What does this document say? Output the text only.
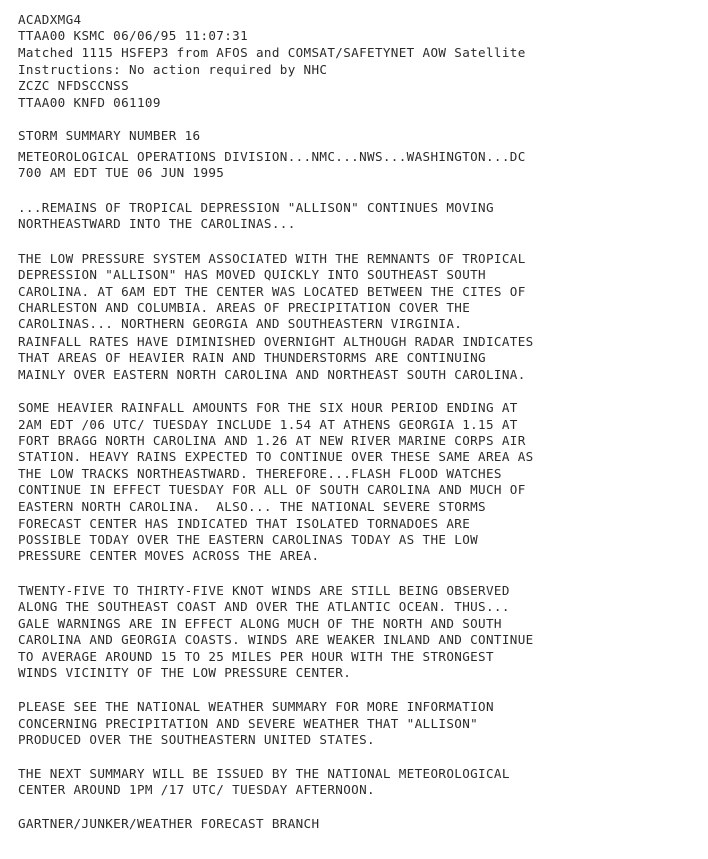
ACADXMG4
TTAA00 KSMC 06/06/95 11:07:31
Matched 1115 HSFEP3 from AFOS and COMSAT/SAFETYNET AOW Satellite
Instructions: No action required by NHC
ZCZC NFDSCCNSS
TTAA00 KNFD 061109
STORM SUMMARY NUMBER 16
METEOROLOGICAL OPERATIONS DIVISION...NMC...NWS...WASHINGTON...DC
700 AM EDT TUE 06 JUN 1995
...REMAINS OF TROPICAL DEPRESSION "ALLISON" CONTINUES MOVING
NORTHEASTWARD INTO THE CAROLINAS...
THE LOW PRESSURE SYSTEM ASSOCIATED WITH THE REMNANTS OF TROPICAL
DEPRESSION "ALLISON" HAS MOVED QUICKLY INTO SOUTHEAST SOUTH
CAROLINA. AT 6AM EDT THE CENTER WAS LOCATED BETWEEN THE CITES OF
CHARLESTON AND COLUMBIA. AREAS OF PRECIPITATION COVER THE
CAROLINAS... NORTHERN GEORGIA AND SOUTHEASTERN VIRGINIA.
RAINFALL RATES HAVE DIMINISHED OVERNIGHT ALTHOUGH RADAR INDICATES
THAT AREAS OF HEAVIER RAIN AND THUNDERSTORMS ARE CONTINUING
MAINLY OVER EASTERN NORTH CAROLINA AND NORTHEAST SOUTH CAROLINA.
SOME HEAVIER RAINFALL AMOUNTS FOR THE SIX HOUR PERIOD ENDING AT
2AM EDT /06 UTC/ TUESDAY INCLUDE 1.54 AT ATHENS GEORGIA 1.15 AT
FORT BRAGG NORTH CAROLINA AND 1.26 AT NEW RIVER MARINE CORPS AIR
STATION. HEAVY RAINS EXPECTED TO CONTINUE OVER THESE SAME AREA AS
THE LOW TRACKS NORTHEASTWARD. THEREFORE...FLASH FLOOD WATCHES
CONTINUE IN EFFECT TUESDAY FOR ALL OF SOUTH CAROLINA AND MUCH OF
EASTERN NORTH CAROLINA.  ALSO... THE NATIONAL SEVERE STORMS
FORECAST CENTER HAS INDICATED THAT ISOLATED TORNADOES ARE
POSSIBLE TODAY OVER THE EASTERN CAROLINAS TODAY AS THE LOW
PRESSURE CENTER MOVES ACROSS THE AREA.
TWENTY-FIVE TO THIRTY-FIVE KNOT WINDS ARE STILL BEING OBSERVED
ALONG THE SOUTHEAST COAST AND OVER THE ATLANTIC OCEAN. THUS...
GALE WARNINGS ARE IN EFFECT ALONG MUCH OF THE NORTH AND SOUTH
CAROLINA AND GEORGIA COASTS. WINDS ARE WEAKER INLAND AND CONTINUE
TO AVERAGE AROUND 15 TO 25 MILES PER HOUR WITH THE STRONGEST
WINDS VICINITY OF THE LOW PRESSURE CENTER.
PLEASE SEE THE NATIONAL WEATHER SUMMARY FOR MORE INFORMATION
CONCERNING PRECIPITATION AND SEVERE WEATHER THAT "ALLISON"
PRODUCED OVER THE SOUTHEASTERN UNITED STATES.
THE NEXT SUMMARY WILL BE ISSUED BY THE NATIONAL METEOROLOGICAL
CENTER AROUND 1PM /17 UTC/ TUESDAY AFTERNOON.
GARTNER/JUNKER/WEATHER FORECAST BRANCH
